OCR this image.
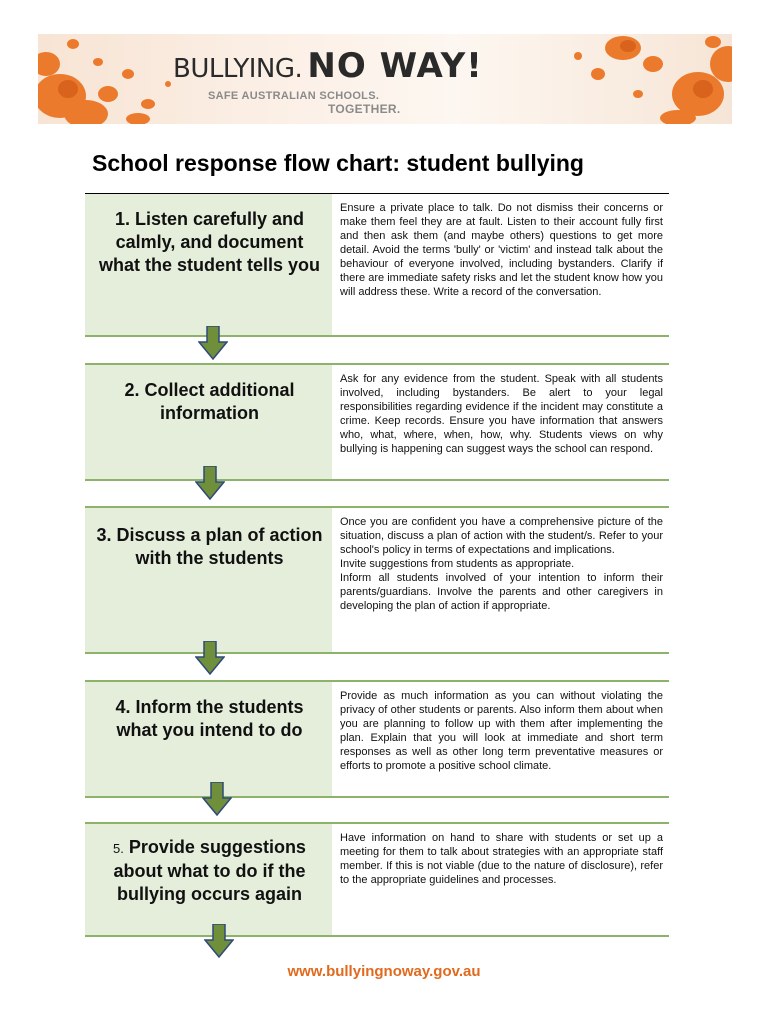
BULLYING. NO WAY!
SAFE AUSTRALIAN SCHOOLS.
TOGETHER.
School response flow chart: student bullying
1. Listen carefully and calmly, and document what the student tells you

Ensure a private place to talk. Do not dismiss their concerns or make them feel they are at fault. Listen to their account fully first and then ask them (and maybe others) questions to get more detail. Avoid the terms 'bully' or 'victim' and instead talk about the behaviour of everyone involved, including bystanders. Clarify if there are immediate safety risks and let the student know how you will address these. Write a record of the conversation.

2. Collect additional information

Ask for any evidence from the student. Speak with all students involved, including bystanders. Be alert to your legal responsibilities regarding evidence if the incident may constitute a crime. Keep records. Ensure you have information that answers who, what, where, when, how, why. Students views on why bullying is happening can suggest ways the school can respond.

3. Discuss a plan of action with the students

Once you are confident you have a comprehensive picture of the situation, discuss a plan of action with the student/s. Refer to your school's policy in terms of expectations and implications.

Invite suggestions from students as appropriate.

Inform all students involved of your intention to inform their parents/guardians. Involve the parents and other caregivers in developing the plan of action if appropriate.

4. Inform the students what you intend to do

Provide as much information as you can without violating the privacy of other students or parents. Also inform them about when you are planning to follow up with them after implementing the plan. Explain that you will look at immediate and short term responses as well as other long term preventative measures or efforts to promote a positive school climate.

5. Provide suggestions about what to do if the bullying occurs again

Have information on hand to share with students or set up a meeting for them to talk about strategies with an appropriate staff member. If this is not viable (due to the nature of disclosure), refer to the appropriate guidelines and processes.

www.bullyingnoway.gov.au
